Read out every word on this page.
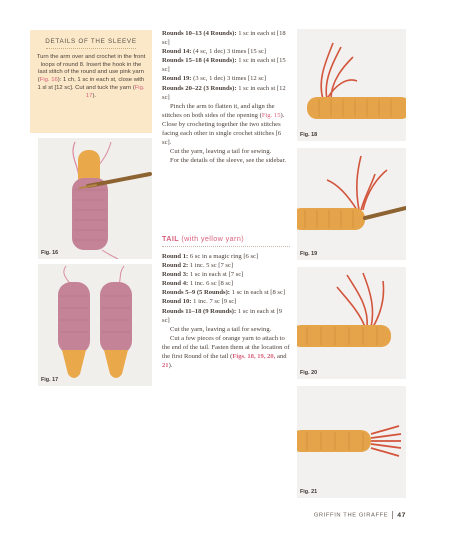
DETAILS OF THE SLEEVE
Turn the arm over and crochet in the front loops of round 8. Insert the hook in the last stitch of the round and use pink yarn (Fig. 16): 1 ch, 1 sc in each st, close with 1 sl st [12 sc]. Cut and tuck the yarn (Fig. 17).
Fig. 16
Fig. 17

Rounds 10–13 (4 Rounds): 1 sc in each st [18 sc]

Round 14: (4 sc, 1 dec) 3 times [15 sc]

Rounds 15–18 (4 Rounds): 1 sc in each st [15 sc]

Round 19: (3 sc, 1 dec) 3 times [12 sc]

Rounds 20–22 (3 Rounds): 1 sc in each st [12 sc]

Pinch the arm to flatten it, and align the stitches on both sides of the opening (Fig. 15). Close by crocheting together the two stitches facing each other in single crochet stitches [6 sc].

Cut the yarn, leaving a tail for sewing.

For the details of the sleeve, see the sidebar.

TAIL (with yellow yarn)

Round 1: 6 sc in a magic ring [6 sc]

Round 2: 1 inc. 5 sc [7 sc]

Round 3: 1 sc in each st [7 sc]

Round 4: 1 inc. 6 sc [8 sc]

Rounds 5–9 (5 Rounds): 1 sc in each st [8 sc]

Round 10: 1 inc. 7 sc [9 sc]

Rounds 11–18 (9 Rounds): 1 sc in each st [9 sc]

Cut the yarn, leaving a tail for sewing.

Cut a few pieces of orange yarn to attach to the end of the tail. Fasten them at the location of the first Round of the tail (Figs. 18, 19, 20, and 21).

Fig. 18
Fig. 19
Fig. 20
Fig. 21
GRIFFIN THE GIRAFFE 47
